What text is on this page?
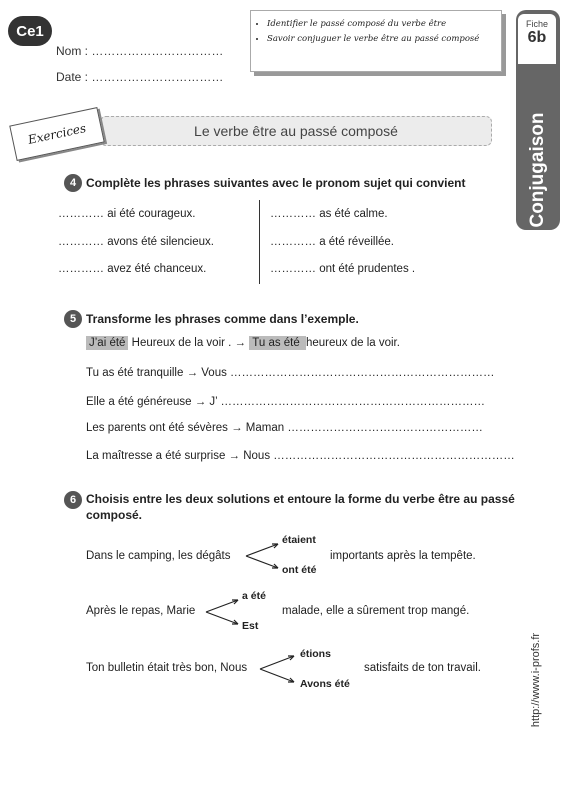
Ce1
Nom : ……………………………
Date : ……………………………
• Identifier le passé composé du verbe être
• Savoir conjuguer le verbe être au passé composé
Fiche
6b
Conjugaison
Le verbe être au passé composé
Exercices
4 Complète les phrases suivantes avec le pronom sujet qui convient
………… ai été courageux.
………… avons été silencieux.
………… avez été chanceux.
………… as été calme.
………… a été réveillée.
………… ont été prudentes .
5 Transforme les phrases comme dans l’exemple.
J’ai été Heureux de la voir . → Tu as été heureux de la voir.
Tu as été tranquille → Vous ……………………………………………………………
Elle a été généreuse → J’ ……………………………………………………………
Les parents ont été sévères → Maman ……………………………………………
La maîtresse a été surprise → Nous ………………………………………………………
6 Choisis entre les deux solutions et entoure la forme du verbe être au passé
composé.
Dans le camping, les dégâts
étaient
ont été
importants après la tempête.
Après le repas, Marie
a été
Est
malade, elle a sûrement trop mangé.
Ton bulletin était très bon, Nous
étions
Avons été
satisfaits de ton travail.	http://www.i-profs.fr
